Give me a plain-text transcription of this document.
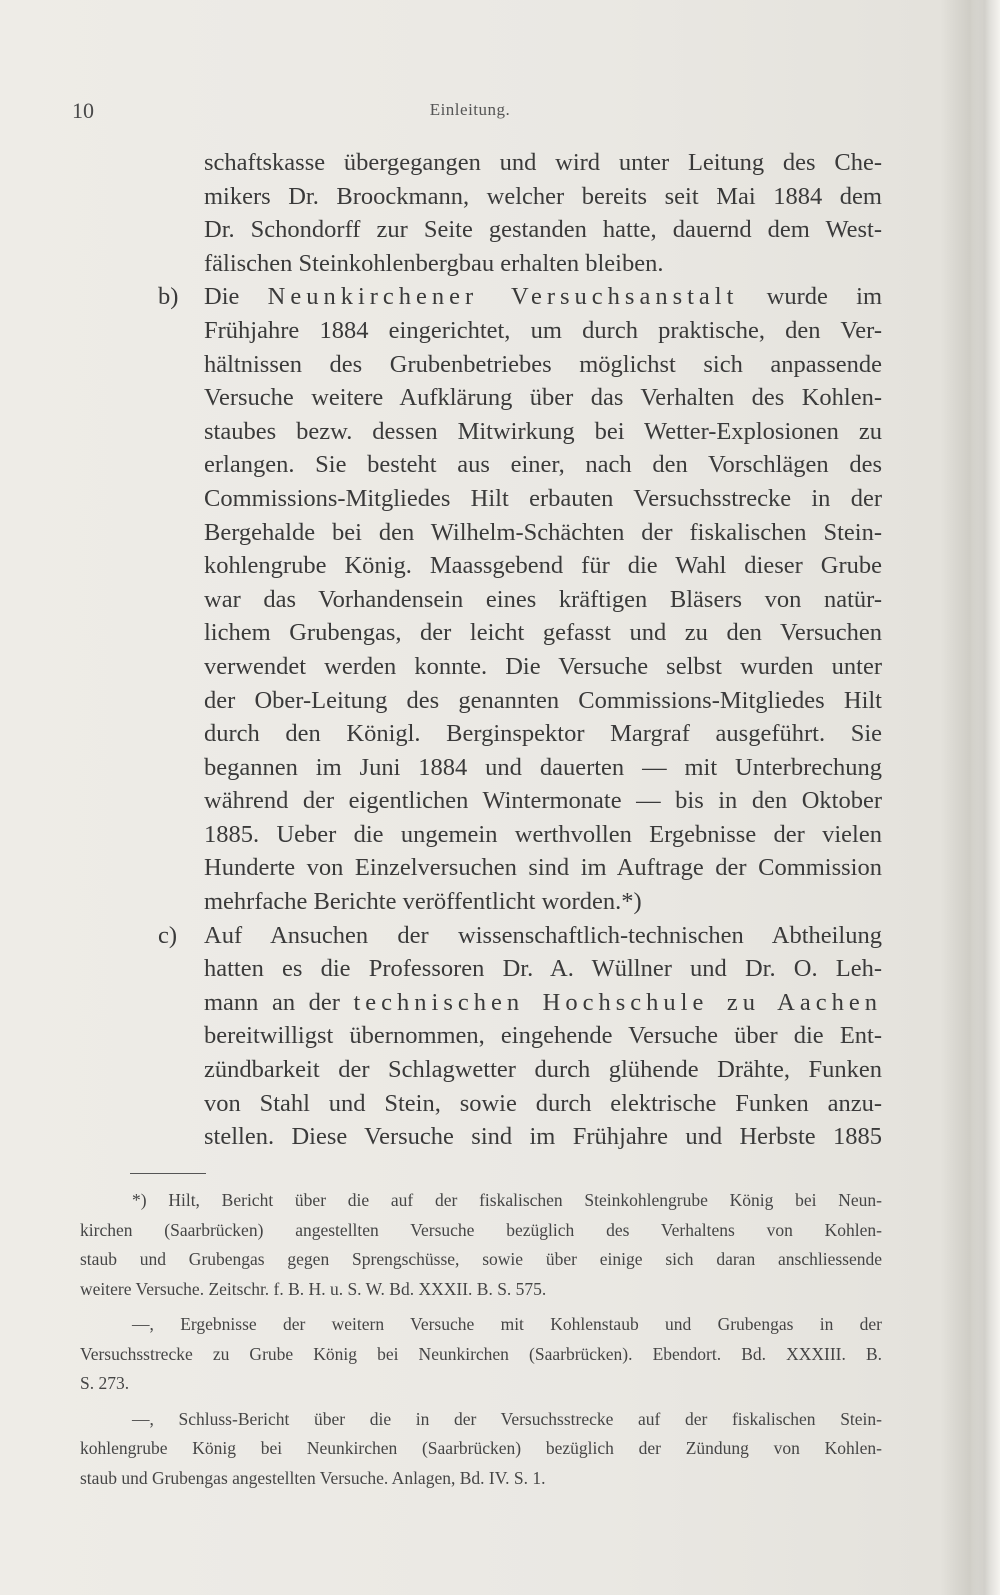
10	Einleitung.
schaftskasse übergegangen und wird unter Leitung des Che-
mikers Dr. Broockmann, welcher bereits seit Mai 1884 dem
Dr. Schondorff zur Seite gestanden hatte, dauernd dem West-
fälischen Steinkohlenbergbau erhalten bleiben.
b) Die Neunkirchener Versuchsanstalt wurde im
Frühjahre 1884 eingerichtet, um durch praktische, den Ver-
hältnissen des Grubenbetriebes möglichst sich anpassende
Versuche weitere Aufklärung über das Verhalten des Kohlen-
staubes bezw. dessen Mitwirkung bei Wetter-Explosionen zu
erlangen. Sie besteht aus einer, nach den Vorschlägen des
Commissions-Mitgliedes Hilt erbauten Versuchsstrecke in der
Bergehalde bei den Wilhelm-Schächten der fiskalischen Stein-
kohlengrube König. Maassgebend für die Wahl dieser Grube
war das Vorhandensein eines kräftigen Bläsers von natür-
lichem Grubengas, der leicht gefasst und zu den Versuchen
verwendet werden konnte. Die Versuche selbst wurden unter
der Ober-Leitung des genannten Commissions-Mitgliedes Hilt
durch den Königl. Berginspektor Margraf ausgeführt. Sie
begannen im Juni 1884 und dauerten — mit Unterbrechung
während der eigentlichen Wintermonate — bis in den Oktober
1885. Ueber die ungemein werthvollen Ergebnisse der vielen
Hunderte von Einzelversuchen sind im Auftrage der Commission
mehrfache Berichte veröffentlicht worden.*)
c) Auf Ansuchen der wissenschaftlich-technischen Abtheilung
hatten es die Professoren Dr. A. Wüllner und Dr. O. Leh-
mann an der technischen Hochschule zu Aachen
bereitwilligst übernommen, eingehende Versuche über die Ent-
zündbarkeit der Schlagwetter durch glühende Drähte, Funken
von Stahl und Stein, sowie durch elektrische Funken anzu-
stellen. Diese Versuche sind im Frühjahre und Herbste 1885
*) Hilt, Bericht über die auf der fiskalischen Steinkohlengrube König bei Neun-
kirchen (Saarbrücken) angestellten Versuche bezüglich des Verhaltens von Kohlen-
staub und Grubengas gegen Sprengschüsse, sowie über einige sich daran anschliessende
weitere Versuche. Zeitschr. f. B. H. u. S. W. Bd. XXXII. B. S. 575.
—, Ergebnisse der weitern Versuche mit Kohlenstaub und Grubengas in der
Versuchsstrecke zu Grube König bei Neunkirchen (Saarbrücken). Ebendort. Bd. XXXIII. B.
S. 273.
—, Schluss-Bericht über die in der Versuchsstrecke auf der fiskalischen Stein-
kohlengrube König bei Neunkirchen (Saarbrücken) bezüglich der Zündung von Kohlen-
staub und Grubengas angestellten Versuche. Anlagen, Bd. IV. S. 1.
